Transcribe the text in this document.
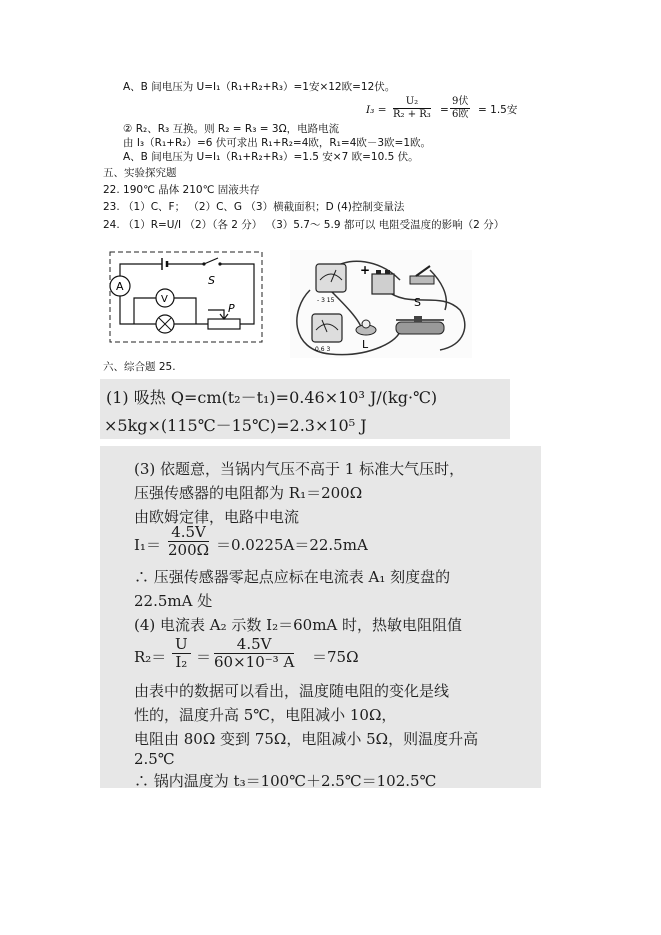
A、B 间电压为 U=I₁（R₁+R₂+R₃）=1安×12欧=12伏。
② R₂、R₃ 互换。则 R₂ = R₃ = 3Ω，电路电流
$I_3 = \frac{\text{U₂}}{\text{R₂ + R₃}}$ =
9伏
6欧 = 1.5安
由 I₃（R₁+R₂）=6 伏可求出 R₁+R₂=4欧，R₁=4欧－3欧=1欧。
A、B 间电压为 U=I₁（R₁+R₂+R₃）=1.5 安×7 欧=10.5 伏。
五、实验探究题
22. 190℃ 晶体 210℃ 固液共存
23. （1）C、F； （2）C、G （3）横截面积；D (4)控制变量法
24. （1）R=U/I （2）（各 2 分） （3）5.7～ 5.9 都可以 电阻受温度的影响（2 分）
S
A
V
P
- 3 15
0.6 3
+
S
L
六、综合题 25.
(1) 吸热 Q=cm(t₂－t₁)=0.46×10³ J/(kg·℃)
×5kg×(115℃－15℃)=2.3×10⁵ J
(3) 依题意，当锅内气压不高于 1 标准大气压时，
压强传感器的电阻都为 R₁＝200Ω
由欧姆定律，电路中电流
$I_1= \frac{4.5V}{200\Omega} =0.0225A=22.5mA$
∴ 压强传感器零起点应标在电流表 A₁ 刻度盘的
22.5mA 处
(4) 电流表 A₂ 示数 I₂＝60mA 时，热敏电阻阻值
$R_2= \frac{U}{\text{I₂}} = \frac{4.5V}{\text{60×10⁻³ A}} =75\Omega$
由表中的数据可以看出，温度随电阻的变化是线
性的，温度升高 5℃，电阻减小 10Ω，
电阻由 80Ω 变到 75Ω，电阻减小 5Ω，则温度升高
2.5℃
∴ 锅内温度为 t₃＝100℃＋2.5℃＝102.5℃
